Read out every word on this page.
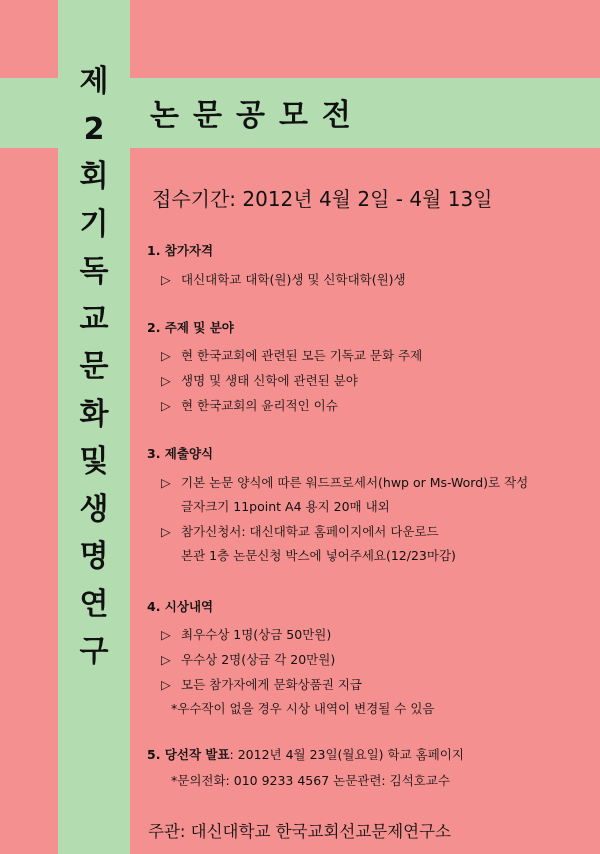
제
2
회
기
독
교
문
화
및
생
명
연
구
논문공모전
접수기간: 2012년 4월 2일 - 4월 13일
1. 참가자격
▷ 대신대학교 대학(원)생 및 신학대학(원)생
2. 주제 및 분야
▷ 현 한국교회에 관련된 모든 기독교 문화 주제
▷ 생명 및 생태 신학에 관련된 분야
▷ 현 한국교회의 윤리적인 이슈
3. 제출양식
▷ 기본 논문 양식에 따른 워드프로세서(hwp or Ms-Word)로 작성
글자크기 11point A4 용지 20매 내외
▷ 참가신청서: 대신대학교 홈페이지에서 다운로드
본관 1층 논문신청 박스에 넣어주세요(12/23마감)
4. 시상내역
▷ 최우수상 1명(상금 50만원)
▷ 우수상 2명(상금 각 20만원)
▷ 모든 참가자에게 문화상품권 지급
*우수작이 없을 경우 시상 내역이 변경될 수 있음
5. 당선작 발표: 2012년 4월 23일(월요일) 학교 홈페이지
*문의전화: 010 9233 4567 논문관련: 김석호교수
주관: 대신대학교 한국교회선교문제연구소
